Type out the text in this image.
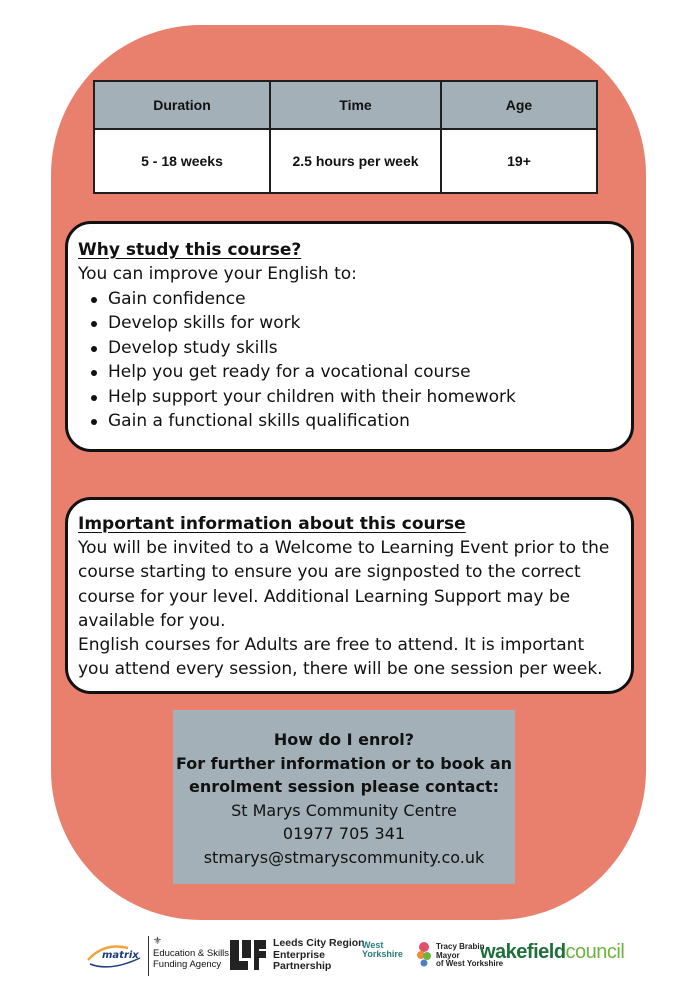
Duration	Time	Age
5 - 18 weeks	2.5 hours per week	19+
Why study this course?
You can improve your English to:
Gain confidence
Develop skills for work
Develop study skills
Help you get ready for a vocational course
Help support your children with their homework
Gain a functional skills qualification
Important information about this course
You will be invited to a Welcome to Learning Event prior to the course starting to ensure you are signposted to the correct course for your level. Additional Learning Support may be available for you.
English courses for Adults are free to attend. It is important you attend every session, there will be one session per week.
How do I enrol?
For further information or to book an
enrolment session please contact:
St Marys Community Centre
01977 705 341
stmarys@stmaryscommunity.co.uk
matrix
⚜
Education & Skills
Funding Agency
Leeds City Region
Enterprise
Partnership
West
Yorkshire
Tracy Brabin
Mayor
of West Yorkshire
wakefieldcouncil
